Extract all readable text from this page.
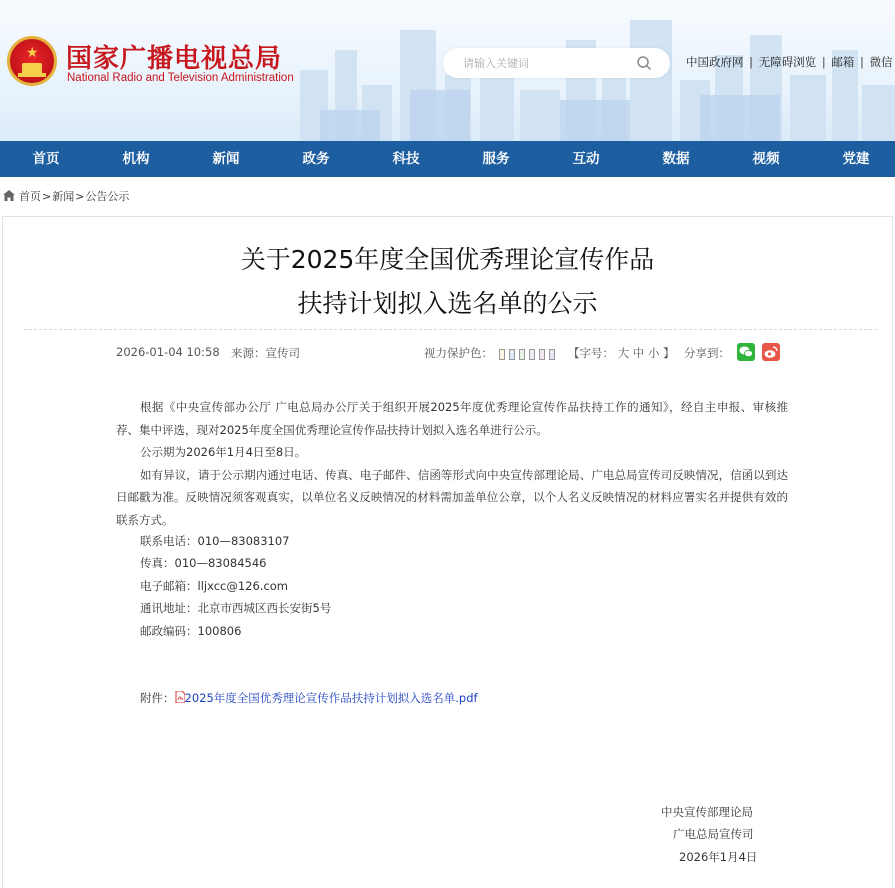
★ 国家广播电视总局
National Radio and Television Administration
请输入关键词
中国政府网 | 无障碍浏览 | 邮箱 | 微信
首页	机构	新闻	政务	科技	服务	互动	数据	视频	党建
首页>新闻>公告公示
关于2025年度全国优秀理论宣传作品
扶持计划拟入选名单的公示
2026-01-04 10:58 来源：宣传司	视力保护色：	【字号： 大 中 小 】 分享到：

根据《中央宣传部办公厅 广电总局办公厅关于组织开展2025年度优秀理论宣传作品扶持工作的通知》，经自主申报、审核推荐、集中评选，现对2025年度全国优秀理论宣传作品扶持计划拟入选名单进行公示。

公示期为2026年1月4日至8日。

如有异议，请于公示期内通过电话、传真、电子邮件、信函等形式向中央宣传部理论局、广电总局宣传司反映情况，信函以到达日邮戳为准。反映情况须客观真实，以单位名义反映情况的材料需加盖单位公章，以个人名义反映情况的材料应署实名并提供有效的联系方式。

联系电话：010—83083107
传真：010—83084546
电子邮箱：lljxcc@126.com
通讯地址：北京市西城区西长安街5号
邮政编码：100806
附件： 2025年度全国优秀理论宣传作品扶持计划拟入选名单.pdf
中央宣传部理论局
广电总局宣传司
2026年1月4日
